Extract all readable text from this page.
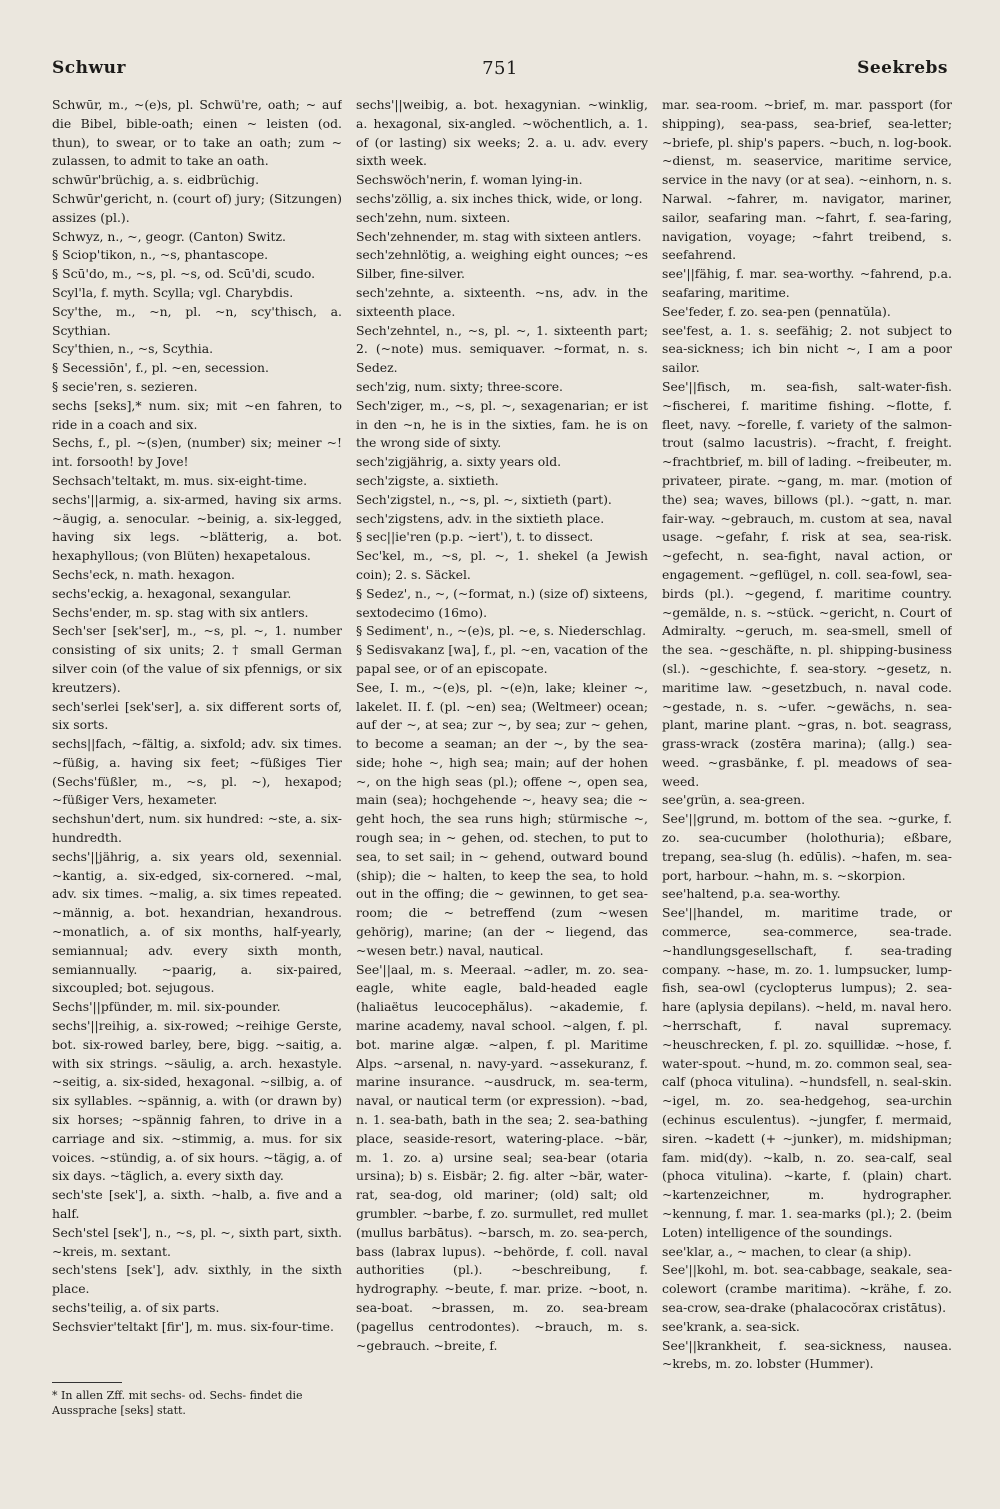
Schwur	751	Seekrebs

Schwūr, m., ~(e)s, pl. Schwü're, oath; ~ auf die Bibel, bible-oath; einen ~ leisten (od. thun), to swear, or to take an oath; zum ~ zulassen, to admit to take an oath.

schwūr'brüchig, a. s. eidbrüchig.

Schwūr'gericht, n. (court of) jury; (Sitzungen) assizes (pl.).

Schwyz, n., ~, geogr. (Canton) Switz.

§ Sciop'tikon, n., ~s, phantascope.

§ Scū'do, m., ~s, pl. ~s, od. Scū'di, scudo.

Scyl'la, f. myth. Scylla; vgl. Charybdis.

Scy'the, m., ~n, pl. ~n, scy'thisch, a. Scythian.

Scy'thien, n., ~s, Scythia.

§ Secessiōn', f., pl. ~en, secession.

§ secie'ren, s. sezieren.

sechs [seks],* num. six; mit ~en fahren, to ride in a coach and six.

Sechs, f., pl. ~(s)en, (number) six; meiner ~! int. forsooth! by Jove!

Sechsach'teltakt, m. mus. six-eight-time.

sechs'||armig, a. six-armed, having six arms. ~äugig, a. senocular. ~beinig, a. six-legged, having six legs. ~blätterig, a. bot. hexaphyllous; (von Blüten) hexapetalous.

Sechs'eck, n. math. hexagon.

sechs'eckig, a. hexagonal, sexangular.

Sechs'ender, m. sp. stag with six antlers.

Sech'ser [sek'ser], m., ~s, pl. ~, 1. number consisting of six units; 2. † small German silver coin (of the value of six pfennigs, or six kreutzers).

sech'serlei [sek'ser], a. six different sorts of, six sorts.

sechs||fach, ~fältig, a. sixfold; adv. six times. ~füßig, a. having six feet; ~füßiges Tier (Sechs'füßler, m., ~s, pl. ~), hexapod; ~füßiger Vers, hexameter.

sechshun'dert, num. six hundred: ~ste, a. six-hundredth.

sechs'||jährig, a. six years old, sexennial. ~kantig, a. six-edged, six-cornered. ~mal, adv. six times. ~malig, a. six times repeated. ~männig, a. bot. hexandrian, hexandrous. ~monatlich, a. of six months, half-yearly, semiannual; adv. every sixth month, semiannually. ~paarig, a. six-paired, sixcoupled; bot. sejugous.

Sechs'||pfünder, m. mil. six-pounder.

sechs'||reihig, a. six-rowed; ~reihige Gerste, bot. six-rowed barley, bere, bigg. ~saitig, a. with six strings. ~säulig, a. arch. hexastyle. ~seitig, a. six-sided, hexagonal. ~silbig, a. of six syllables. ~spännig, a. with (or drawn by) six horses; ~spännig fahren, to drive in a carriage and six. ~stimmig, a. mus. for six voices. ~stündig, a. of six hours. ~tägig, a. of six days. ~täglich, a. every sixth day.

sech'ste [sek'], a. sixth. ~halb, a. five and a half.

Sech'stel [sek'], n., ~s, pl. ~, sixth part, sixth. ~kreis, m. sextant.

sech'stens [sek'], adv. sixthly, in the sixth place.

sechs'teilig, a. of six parts.

Sechsvier'teltakt [fir'], m. mus. six-four-time.

sechs'||weibig, a. bot. hexagynian. ~winklig, a. hexagonal, six-angled. ~wöchentlich, a. 1. of (or lasting) six weeks; 2. a. u. adv. every sixth week.

Sechswöch'nerin, f. woman lying-in.

sechs'zöllig, a. six inches thick, wide, or long.

sech'zehn, num. sixteen.

Sech'zehnender, m. stag with sixteen antlers.

sech'zehnlötig, a. weighing eight ounces; ~es Silber, fine-silver.

sech'zehnte, a. sixteenth. ~ns, adv. in the sixteenth place.

Sech'zehntel, n., ~s, pl. ~, 1. sixteenth part; 2. (~note) mus. semiquaver. ~format, n. s. Sedez.

sech'zig, num. sixty; three-score.

Sech'ziger, m., ~s, pl. ~, sexagenarian; er ist in den ~n, he is in the sixties, fam. he is on the wrong side of sixty.

sech'zigjährig, a. sixty years old.

sech'zigste, a. sixtieth.

Sech'zigstel, n., ~s, pl. ~, sixtieth (part).

sech'zigstens, adv. in the sixtieth place.

§ sec||ie'ren (p.p. ~iert'), t. to dissect.

Sec'kel, m., ~s, pl. ~, 1. shekel (a Jewish coin); 2. s. Säckel.

§ Sedez', n., ~, (~format, n.) (size of) sixteens, sextodecimo (16mo).

§ Sediment', n., ~(e)s, pl. ~e, s. Niederschlag.

§ Sedisvakanz [wa], f., pl. ~en, vacation of the papal see, or of an episcopate.

See, I. m., ~(e)s, pl. ~(e)n, lake; kleiner ~, lakelet. II. f. (pl. ~en) sea; (Weltmeer) ocean; auf der ~, at sea; zur ~, by sea; zur ~ gehen, to become a seaman; an der ~, by the sea-side; hohe ~, high sea; main; auf der hohen ~, on the high seas (pl.); offene ~, open sea, main (sea); hochgehende ~, heavy sea; die ~ geht hoch, the sea runs high; stürmische ~, rough sea; in ~ gehen, od. stechen, to put to sea, to set sail; in ~ gehend, outward bound (ship); die ~ halten, to keep the sea, to hold out in the offing; die ~ gewinnen, to get sea-room; die ~ betreffend (zum ~wesen gehörig), marine; (an der ~ liegend, das ~wesen betr.) naval, nautical.

See'||aal, m. s. Meeraal. ~adler, m. zo. sea-eagle, white eagle, bald-headed eagle (haliaëtus leucocephălus). ~akademie, f. marine academy, naval school. ~algen, f. pl. bot. marine algæ. ~alpen, f. pl. Maritime Alps. ~arsenal, n. navy-yard. ~assekuranz, f. marine insurance. ~ausdruck, m. sea-term, naval, or nautical term (or expression). ~bad, n. 1. sea-bath, bath in the sea; 2. sea-bathing place, seaside-resort, watering-place. ~bär, m. 1. zo. a) ursine seal; sea-bear (otaria ursina); b) s. Eisbär; 2. fig. alter ~bär, water-rat, sea-dog, old mariner; (old) salt; old grumbler. ~barbe, f. zo. surmullet, red mullet (mullus barbātus). ~barsch, m. zo. sea-perch, bass (labrax lupus). ~behörde, f. coll. naval authorities (pl.). ~beschreibung, f. hydrography. ~beute, f. mar. prize. ~boot, n. sea-boat. ~brassen, m. zo. sea-bream (pagellus centrodontes). ~brauch, m. s. ~gebrauch. ~breite, f.

mar. sea-room. ~brief, m. mar. passport (for shipping), sea-pass, sea-brief, sea-letter; ~briefe, pl. ship's papers. ~buch, n. log-book. ~dienst, m. seaservice, maritime service, service in the navy (or at sea). ~einhorn, n. s. Narwal. ~fahrer, m. navigator, mariner, sailor, seafaring man. ~fahrt, f. sea-faring, navigation, voyage; ~fahrt treibend, s. seefahrend.

see'||fähig, f. mar. sea-worthy. ~fahrend, p.a. seafaring, maritime.

See'feder, f. zo. sea-pen (pennatŭla).

see'fest, a. 1. s. seefähig; 2. not subject to sea-sickness; ich bin nicht ~, I am a poor sailor.

See'||fisch, m. sea-fish, salt-water-fish. ~fischerei, f. maritime fishing. ~flotte, f. fleet, navy. ~forelle, f. variety of the salmon-trout (salmo lacustris). ~fracht, f. freight. ~frachtbrief, m. bill of lading. ~freibeuter, m. privateer, pirate. ~gang, m. mar. (motion of the) sea; waves, billows (pl.). ~gatt, n. mar. fair-way. ~gebrauch, m. custom at sea, naval usage. ~gefahr, f. risk at sea, sea-risk. ~gefecht, n. sea-fight, naval action, or engagement. ~geflügel, n. coll. sea-fowl, sea-birds (pl.). ~gegend, f. maritime country. ~gemälde, n. s. ~stück. ~gericht, n. Court of Admiralty. ~geruch, m. sea-smell, smell of the sea. ~geschäfte, n. pl. shipping-business (sl.). ~geschichte, f. sea-story. ~gesetz, n. maritime law. ~gesetzbuch, n. naval code. ~gestade, n. s. ~ufer. ~gewächs, n. sea-plant, marine plant. ~gras, n. bot. seagrass, grass-wrack (zostēra marina); (allg.) sea-weed. ~grasbänke, f. pl. meadows of sea-weed.

see'grün, a. sea-green.

See'||grund, m. bottom of the sea. ~gurke, f. zo. sea-cucumber (holothuria); eßbare, trepang, sea-slug (h. edūlis). ~hafen, m. sea-port, harbour. ~hahn, m. s. ~skorpion.

see'haltend, p.a. sea-worthy.

See'||handel, m. maritime trade, or commerce, sea-commerce, sea-trade. ~handlungsgesellschaft, f. sea-trading company. ~hase, m. zo. 1. lumpsucker, lump-fish, sea-owl (cyclopterus lumpus); 2. sea-hare (aplysia depilans). ~held, m. naval hero. ~herrschaft, f. naval supremacy. ~heuschrecken, f. pl. zo. squillidæ. ~hose, f. water-spout. ~hund, m. zo. common seal, sea-calf (phoca vitulina). ~hundsfell, n. seal-skin. ~igel, m. zo. sea-hedgehog, sea-urchin (echinus esculentus). ~jungfer, f. mermaid, siren. ~kadett (+ ~junker), m. midshipman; fam. mid(dy). ~kalb, n. zo. sea-calf, seal (phoca vitulina). ~karte, f. (plain) chart. ~kartenzeichner, m. hydrographer. ~kennung, f. mar. 1. sea-marks (pl.); 2. (beim Loten) intelligence of the soundings.

see'klar, a., ~ machen, to clear (a ship).

See'||kohl, m. bot. sea-cabbage, seakale, sea-colewort (crambe maritima). ~krähe, f. zo. sea-crow, sea-drake (phalacocŏrax cristātus).

see'krank, a. sea-sick.

See'||krankheit, f. sea-sickness, nausea. ~krebs, m. zo. lobster (Hummer).

* In allen Zff. mit sechs- od. Sechs- findet die Aussprache [seks] statt.
